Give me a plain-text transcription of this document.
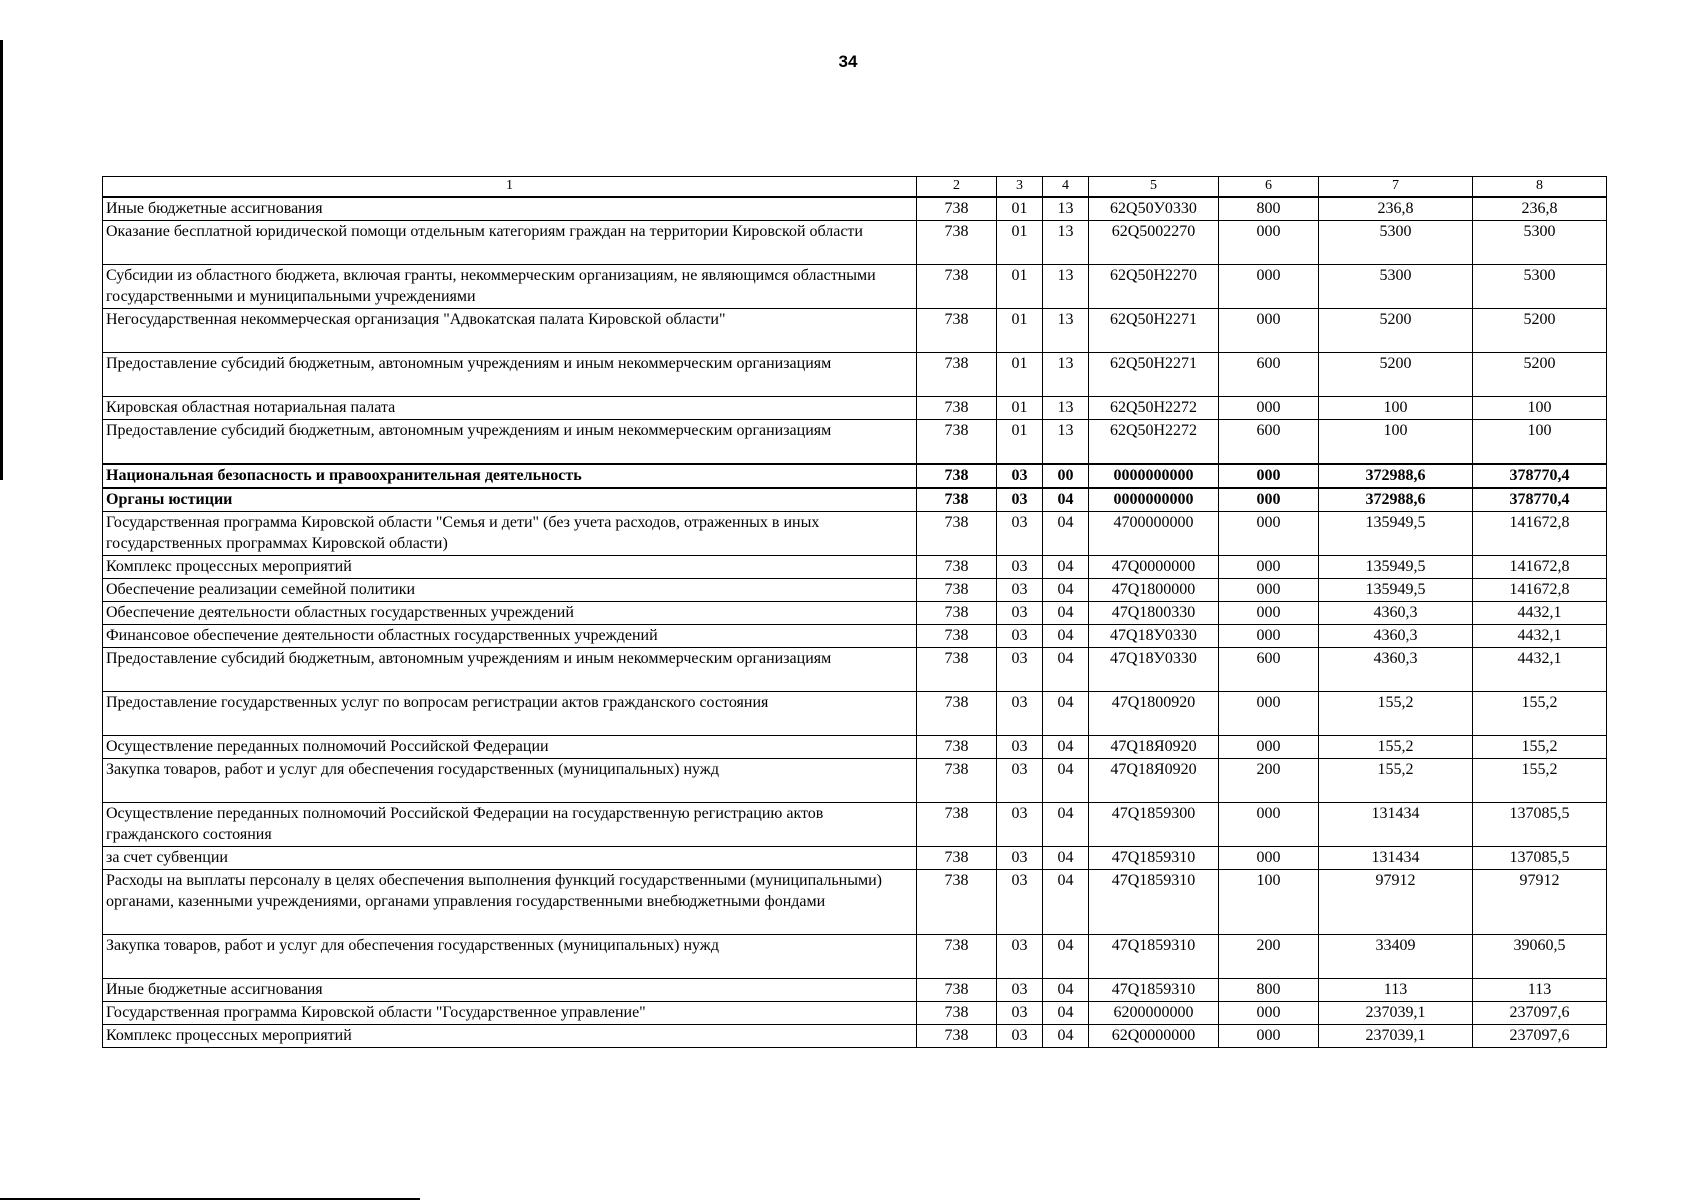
34
1	2	3	4	5	6	7	8
Иные бюджетные ассигнования	738	01	13	62Q50У0330	800	236,8	236,8
Оказание бесплатной юридической помощи отдельным категориям граждан на территории Кировской области	738	01	13	62Q5002270	000	5300	5300
Субсидии из областного бюджета, включая гранты, некоммерческим организациям, не являющимся областными государственными и муниципальными учреждениями	738	01	13	62Q50Н2270	000	5300	5300
Негосударственная некоммерческая организация "Адвокатская палата Кировской области"	738	01	13	62Q50Н2271	000	5200	5200
Предоставление субсидий бюджетным, автономным учреждениям и иным некоммерческим организациям	738	01	13	62Q50Н2271	600	5200	5200
Кировская областная нотариальная палата	738	01	13	62Q50Н2272	000	100	100
Предоставление субсидий бюджетным, автономным учреждениям и иным некоммерческим организациям	738	01	13	62Q50Н2272	600	100	100
Национальная безопасность и правоохранительная деятельность	738	03	00	0000000000	000	372988,6	378770,4
Органы юстиции	738	03	04	0000000000	000	372988,6	378770,4
Государственная программа Кировской области "Семья и дети" (без учета расходов, отраженных в иных государственных программах Кировской области)	738	03	04	4700000000	000	135949,5	141672,8
Комплекс процессных мероприятий	738	03	04	47Q0000000	000	135949,5	141672,8
Обеспечение реализации семейной политики	738	03	04	47Q1800000	000	135949,5	141672,8
Обеспечение деятельности областных государственных учреждений	738	03	04	47Q1800330	000	4360,3	4432,1
Финансовое обеспечение деятельности областных государственных учреждений	738	03	04	47Q18У0330	000	4360,3	4432,1
Предоставление субсидий бюджетным, автономным учреждениям и иным некоммерческим организациям	738	03	04	47Q18У0330	600	4360,3	4432,1
Предоставление государственных услуг по вопросам регистрации актов гражданского состояния	738	03	04	47Q1800920	000	155,2	155,2
Осуществление переданных полномочий Российской Федерации	738	03	04	47Q18Я0920	000	155,2	155,2
Закупка товаров, работ и услуг для обеспечения государственных (муниципальных) нужд	738	03	04	47Q18Я0920	200	155,2	155,2
Осуществление переданных полномочий Российской Федерации на государственную регистрацию актов гражданского состояния	738	03	04	47Q1859300	000	131434	137085,5
за счет субвенции	738	03	04	47Q1859310	000	131434	137085,5
Расходы на выплаты персоналу в целях обеспечения выполнения функций государственными (муниципальными) органами, казенными учреждениями, органами управления государственными внебюджетными фондами	738	03	04	47Q1859310	100	97912	97912
Закупка товаров, работ и услуг для обеспечения государственных (муниципальных) нужд	738	03	04	47Q1859310	200	33409	39060,5
Иные бюджетные ассигнования	738	03	04	47Q1859310	800	113	113
Государственная программа Кировской области "Государственное управление"	738	03	04	6200000000	000	237039,1	237097,6
Комплекс процессных мероприятий	738	03	04	62Q0000000	000	237039,1	237097,6
